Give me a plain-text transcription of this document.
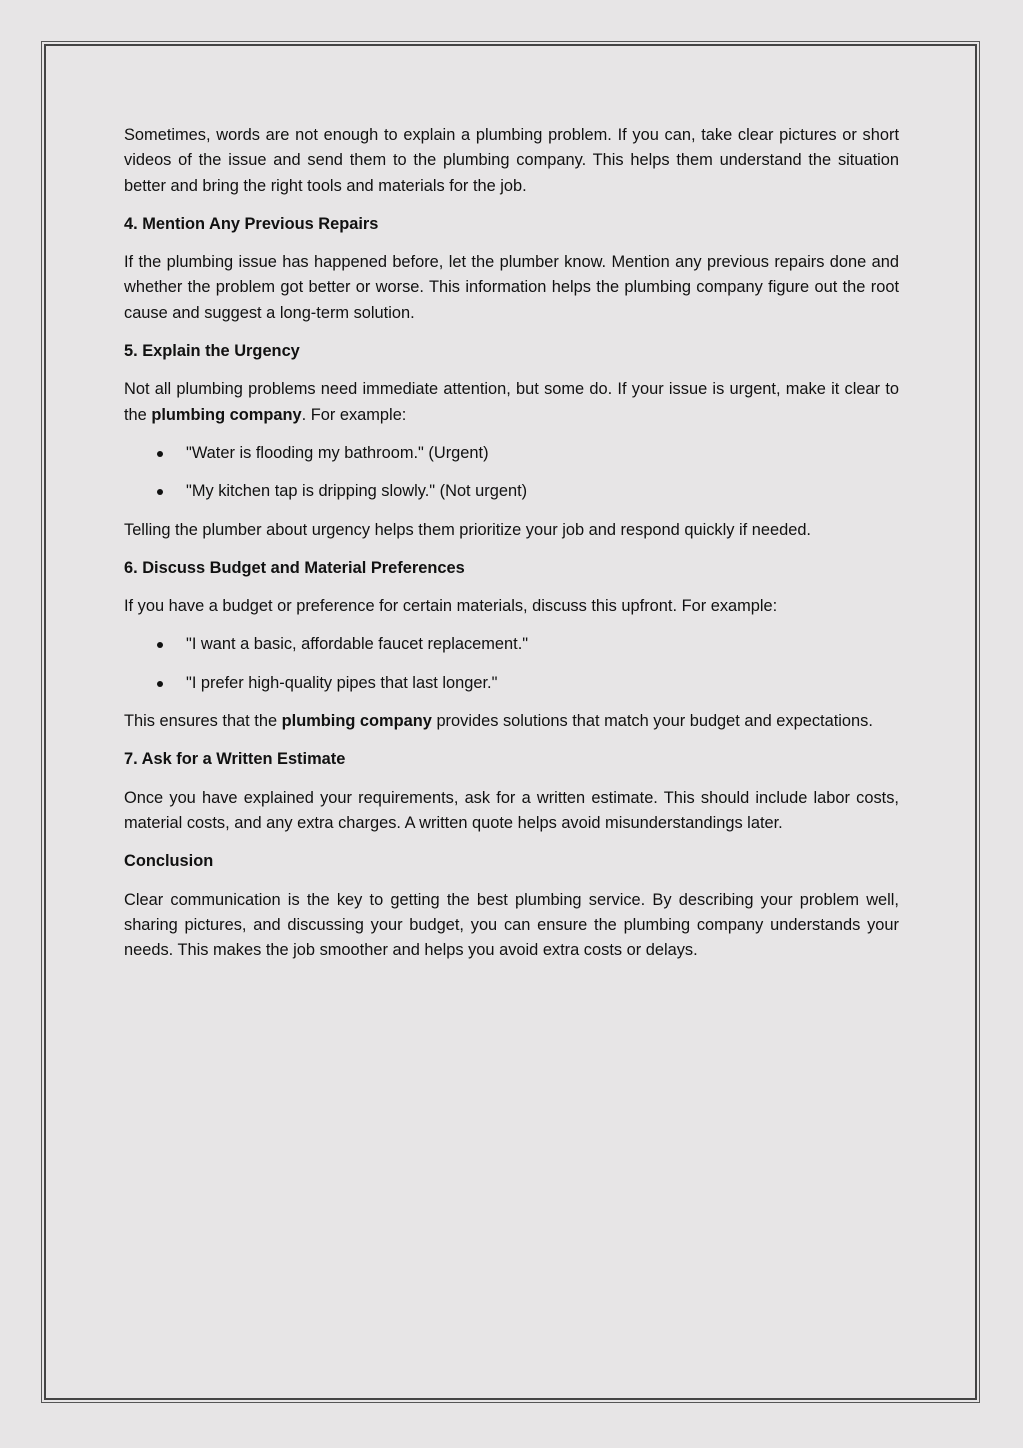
Sometimes, words are not enough to explain a plumbing problem. If you can, take clear pictures or short videos of the issue and send them to the plumbing company. This helps them understand the situation better and bring the right tools and materials for the job.

4. Mention Any Previous Repairs

If the plumbing issue has happened before, let the plumber know. Mention any previous repairs done and whether the problem got better or worse. This information helps the plumbing company figure out the root cause and suggest a long-term solution.

5. Explain the Urgency

Not all plumbing problems need immediate attention, but some do. If your issue is urgent, make it clear to the plumbing company. For example:

"Water is flooding my bathroom." (Urgent)
"My kitchen tap is dripping slowly." (Not urgent)

Telling the plumber about urgency helps them prioritize your job and respond quickly if needed.

6. Discuss Budget and Material Preferences

If you have a budget or preference for certain materials, discuss this upfront. For example:

"I want a basic, affordable faucet replacement."
"I prefer high-quality pipes that last longer."

This ensures that the plumbing company provides solutions that match your budget and expectations.

7. Ask for a Written Estimate

Once you have explained your requirements, ask for a written estimate. This should include labor costs, material costs, and any extra charges. A written quote helps avoid misunderstandings later.

Conclusion

Clear communication is the key to getting the best plumbing service. By describing your problem well, sharing pictures, and discussing your budget, you can ensure the plumbing company understands your needs. This makes the job smoother and helps you avoid extra costs or delays.
